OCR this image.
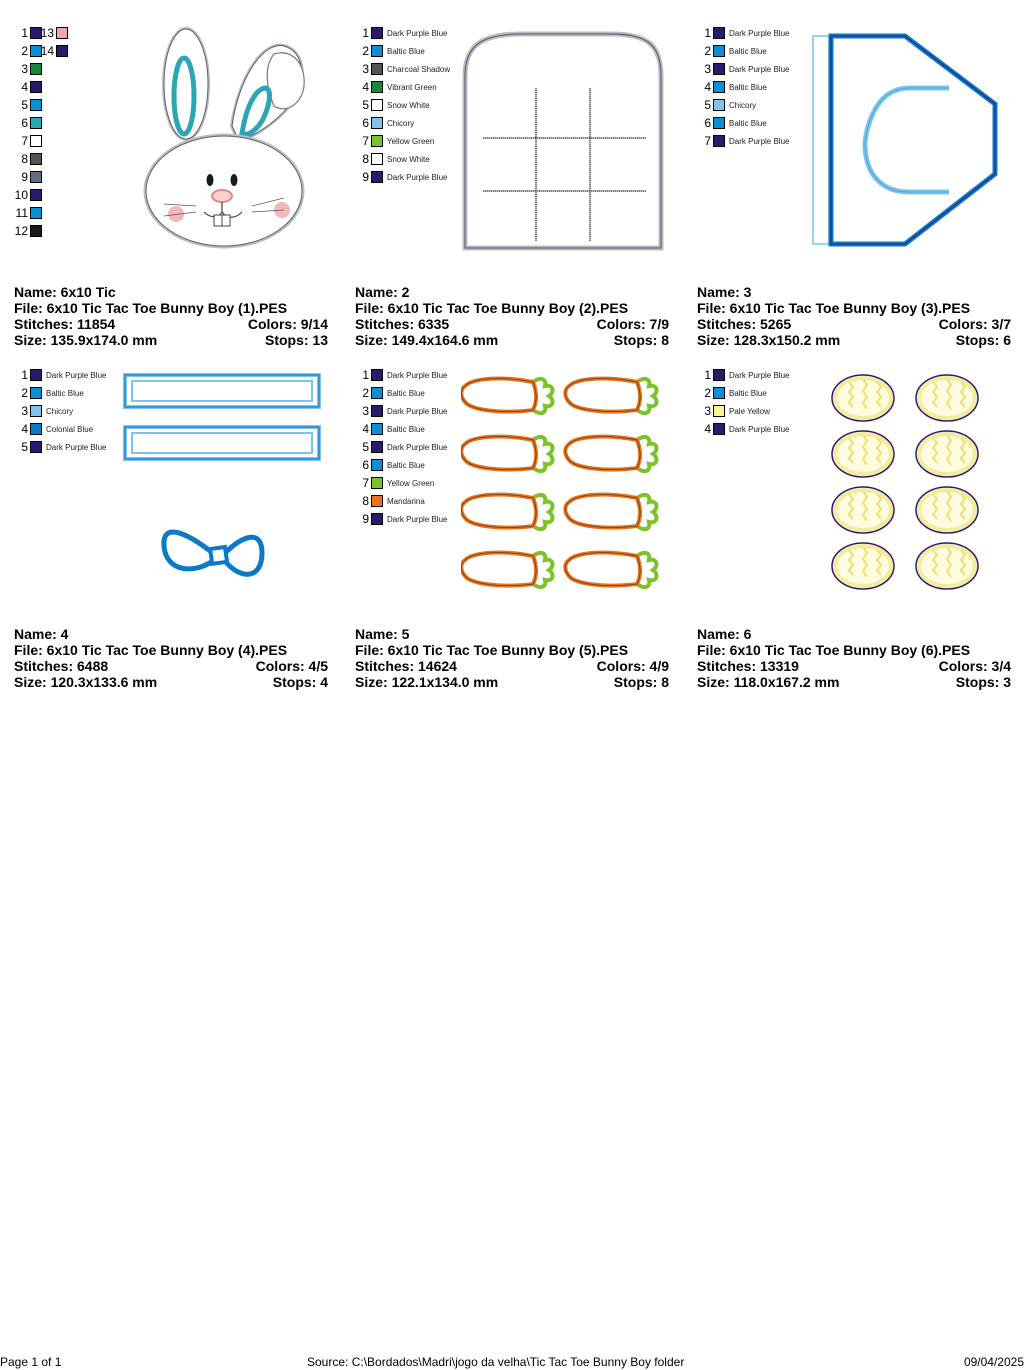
1
2
3
4
5
6
7
8
9
10
11
12
13
14
Name: 6x10 Tic
File: 6x10 Tic Tac Toe Bunny Boy (1).PES
Stitches: 11854	Colors: 9/14
Size: 135.9x174.0 mm	Stops: 13
1 Dark Purple Blue
2 Baltic Blue
3 Charcoal Shadow
4 Vibrant Green
5 Snow White
6 Chicory
7 Yellow Green
8 Snow White
9 Dark Purple Blue
Name: 2
File: 6x10 Tic Tac Toe Bunny Boy (2).PES
Stitches: 6335	Colors: 7/9
Size: 149.4x164.6 mm	Stops: 8
1 Dark Purple Blue
2 Baltic Blue
3 Dark Purple Blue
4 Baltic Blue
5 Chicory
6 Baltic Blue
7 Dark Purple Blue
Name: 3
File: 6x10 Tic Tac Toe Bunny Boy (3).PES
Stitches: 5265	Colors: 3/7
Size: 128.3x150.2 mm	Stops: 6
1 Dark Purple Blue
2 Baltic Blue
3 Chicory
4 Colonial Blue
5 Dark Purple Blue
Name: 4
File: 6x10 Tic Tac Toe Bunny Boy (4).PES
Stitches: 6488	Colors: 4/5
Size: 120.3x133.6 mm	Stops: 4
1 Dark Purple Blue
2 Baltic Blue
3 Dark Purple Blue
4 Baltic Blue
5 Dark Purple Blue
6 Baltic Blue
7 Yellow Green
8 Mandarina
9 Dark Purple Blue
Name: 5
File: 6x10 Tic Tac Toe Bunny Boy (5).PES
Stitches: 14624	Colors: 4/9
Size: 122.1x134.0 mm	Stops: 8
1 Dark Purple Blue
2 Baltic Blue
3 Pale Yellow
4 Dark Purple Blue
Name: 6
File: 6x10 Tic Tac Toe Bunny Boy (6).PES
Stitches: 13319	Colors: 3/4
Size: 118.0x167.2 mm	Stops: 3
Page 1 of 1	Source: C:\Bordados\Madri\jogo da velha\Tic Tac Toe Bunny Boy folder	09/04/2025
